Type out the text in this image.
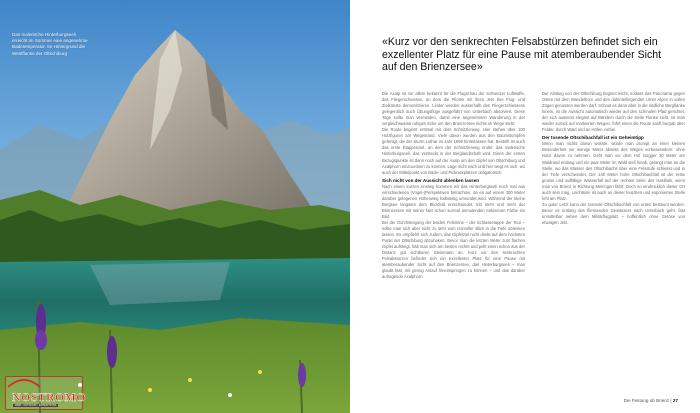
Das malerische Hinterburgseeli erreicht im Sommer eine angenehme Badetemperatur. Im Hintergrund die Westflanke der Oltschiburg
NOSTROMO
WEB • OUTDOOR • EXPEDITIONS
«Kurz vor den senkrechten Felsabstürzen befindet sich ein exzellenter Platz für eine Pause mit atemberaubender Sicht auf den Brienzersee»

Die Axalp ist vor allem bekannt für die Flugschau der Schweizer Luftwaffe, das Fliegerschiessen, an dem die Piloten mit ihren Jets ihre Flug- und Zielkünste demonstrieren. Leider werden ausserhalb des Fliegerschiessens gelegentlich auch Übungsflüge ausgeführt von Unterbach absolviert. Diese Tage sollte man vermeiden, damit eine angenehmen Wanderung in der vergleichsweise ruhigen Ecke um den Brienzersee nichts im Wege steht.

Die Route beginnt erstmal mit dem Schnitzlerweg. Hier stehen über 100 Holzfiguren am Wegesrand. Viele davon wurden aus den Baumstumpfen gefertigt, die der Sturm Lothar im Jahr 1999 hinterlassen hat. Bestellt ist auch das erste Etappenziel, an dem der Schnitzlerweg endet: das malerische Hinterburgseeli, das versteckt in der Berglandschaft wird. Eines der ersten Bezugspunkte ist dann noch auf der Axalp um den Gipfel von Oltschiburg und Axalphorn einzuordnen zu können. Lage nicht nach und hier wegt es sich, wo auch der Mittelpunkt von Bade- und Picknickplätzen obligatorisch.

Sich nicht von der Aussicht ablenken lassen

Nach einem kurzen Anstieg kommen wir das Hinterburgseeli noch mal aus verschiedenen (Vogel-)Perspektiven betrachten, da es auf einem 300 Meter darüber gelegenen Höhenweg halbseitig umrundet wird. Während der kleine Bergsee langsam dem Blickfeld entschwindet, tritt mehr und mehr der Brienzersee mit seiner fast schon surreal anmutenden türkisenen Farbe ins Bild.

Bei der Durchsteigung der beiden Felsrinne – der Schlussetappe der Tour – sollte man sich aber nicht zu sehr vom reizvoller Blick in die Tiefe ablenken lassen. Es empfiehlt sich zudem, das Gipfelziel nicht direkt auf dem höchsten Punkt der Oltschiburg abzuhaken. Bevor man die letzten Meter zum flachen Gipfel aufsteigt, hält man sich am besten rechts und pellt einen schon aus der Distanz gut sichtbaren Steinmann an. Kurz vor den senkrechten Felsabstürzen befindet sich ein exzellenter Platz für eine Pause mit atemberaubender Sicht auf den Brienzersee, das Hinterburgseeli – man glaubt fast, mit genug Anlauf hineinspringen zu können – und das darüber aufragende Axalphorn.

Der Abstieg von der Oltschiburg beginnt leicht, sodass das Panorama gegen Osten mit dem Wandelhorn und den dahinterliegenden Urner Alpen in vollen Zügen genossen werden darf. Schaut es dann aber in die südliche Bergflanke hinein, ist die Aussicht automatisch wieder auf den schmalen Pfad gerichtet, der sich ausserst elegant auf Bändern durch die steile Flanke zieht. Ist man wieder zurück auf markierten Wegen, führt einen die Route sanft bergab über Felder, durch Wald und an Höfen vorbei.

Der tosende Oltschibachfall ist ein Geheimtipp

Wenn man nichts davon wüsste, würde man prompt an einer kleinen Besonderheit nur wenige Meter abseits des Weges vorbeiwandern: ohne Notiz davon zu nehmen. Geht man vor dem Hof Gugger 30 Meter am Waldrand entlang und ein paar Meter im Wald steil hinab, gelangt man an die Stelle, wo das Wasser des Oltschibachs über eine Felsstufe schiesst und in der Tiefe verschwindet. Der 140 Meter hohe Oltschibachfall ist der erste grosse und auffällige Wasserfall auf der rechten Seite des Haslitals, wenn man von Brienz in Richtung Meiringen fährt. Doch so eindrücklich dieser Ort auch sein mag, Leichtsinn ist auch an dieser feuchten und exponierten Stelle fehl am Platz.

Zu guter Letzt kann der tosende Oltschibachfall von unten bestaunt werden. Bevor es entlang des fliessenden Gewässers nach Unterbach geht, fast unmittelbar neben dem Militärflugplatz – hoffentlich ohne Getöse von etwaigen Jets.

Die Festung ob Brienz | 27
